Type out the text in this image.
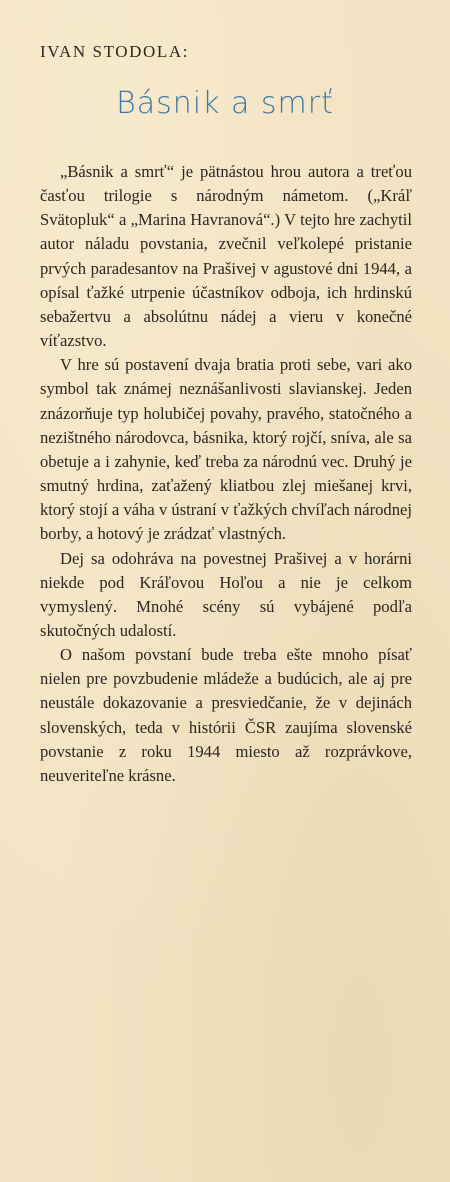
IVAN STODOLA:
Básnik a smrť

„Básnik a smrť“ je pätnástou hrou autora a treťou časťou trilogie s národným námetom. („Kráľ Svätopluk“ a „Marina Havranová“.) V tejto hre zachytil autor náladu povstania, zvečnil veľkolepé pristanie prvých paradesantov na Prašivej v agustové dni 1944, a opísal ťažké utrpenie účastníkov odboja, ich hrdinskú sebažertvu a absolútnu nádej a vieru v konečné víťazstvo.

V hre sú postavení dvaja bratia proti sebe, vari ako symbol tak známej neznášanlivosti slavianskej. Jeden znázorňuje typ holubičej povahy, pravého, statočného a nezištného národovca, básnika, ktorý rojčí, sníva, ale sa obetuje a i zahynie, keď treba za národnú vec. Druhý je smutný hrdina, zaťažený kliatbou zlej miešanej krvi, ktorý stojí a váha v ústraní v ťažkých chvíľach národnej borby, a hotový je zrádzať vlastných.

Dej sa odohráva na povestnej Prašivej a v horárni niekde pod Kráľovou Hoľou a nie je celkom vymyslený. Mnohé scény sú vybájené podľa skutočných udalostí.

O našom povstaní bude treba ešte mnoho písať nielen pre povzbudenie mládeže a budúcich, ale aj pre neustále dokazovanie a presviedčanie, že v dejinách slovenských, teda v histórii ČSR zaujíma slovenské povstanie z roku 1944 miesto až rozprávkove, neuveriteľne krásne.
